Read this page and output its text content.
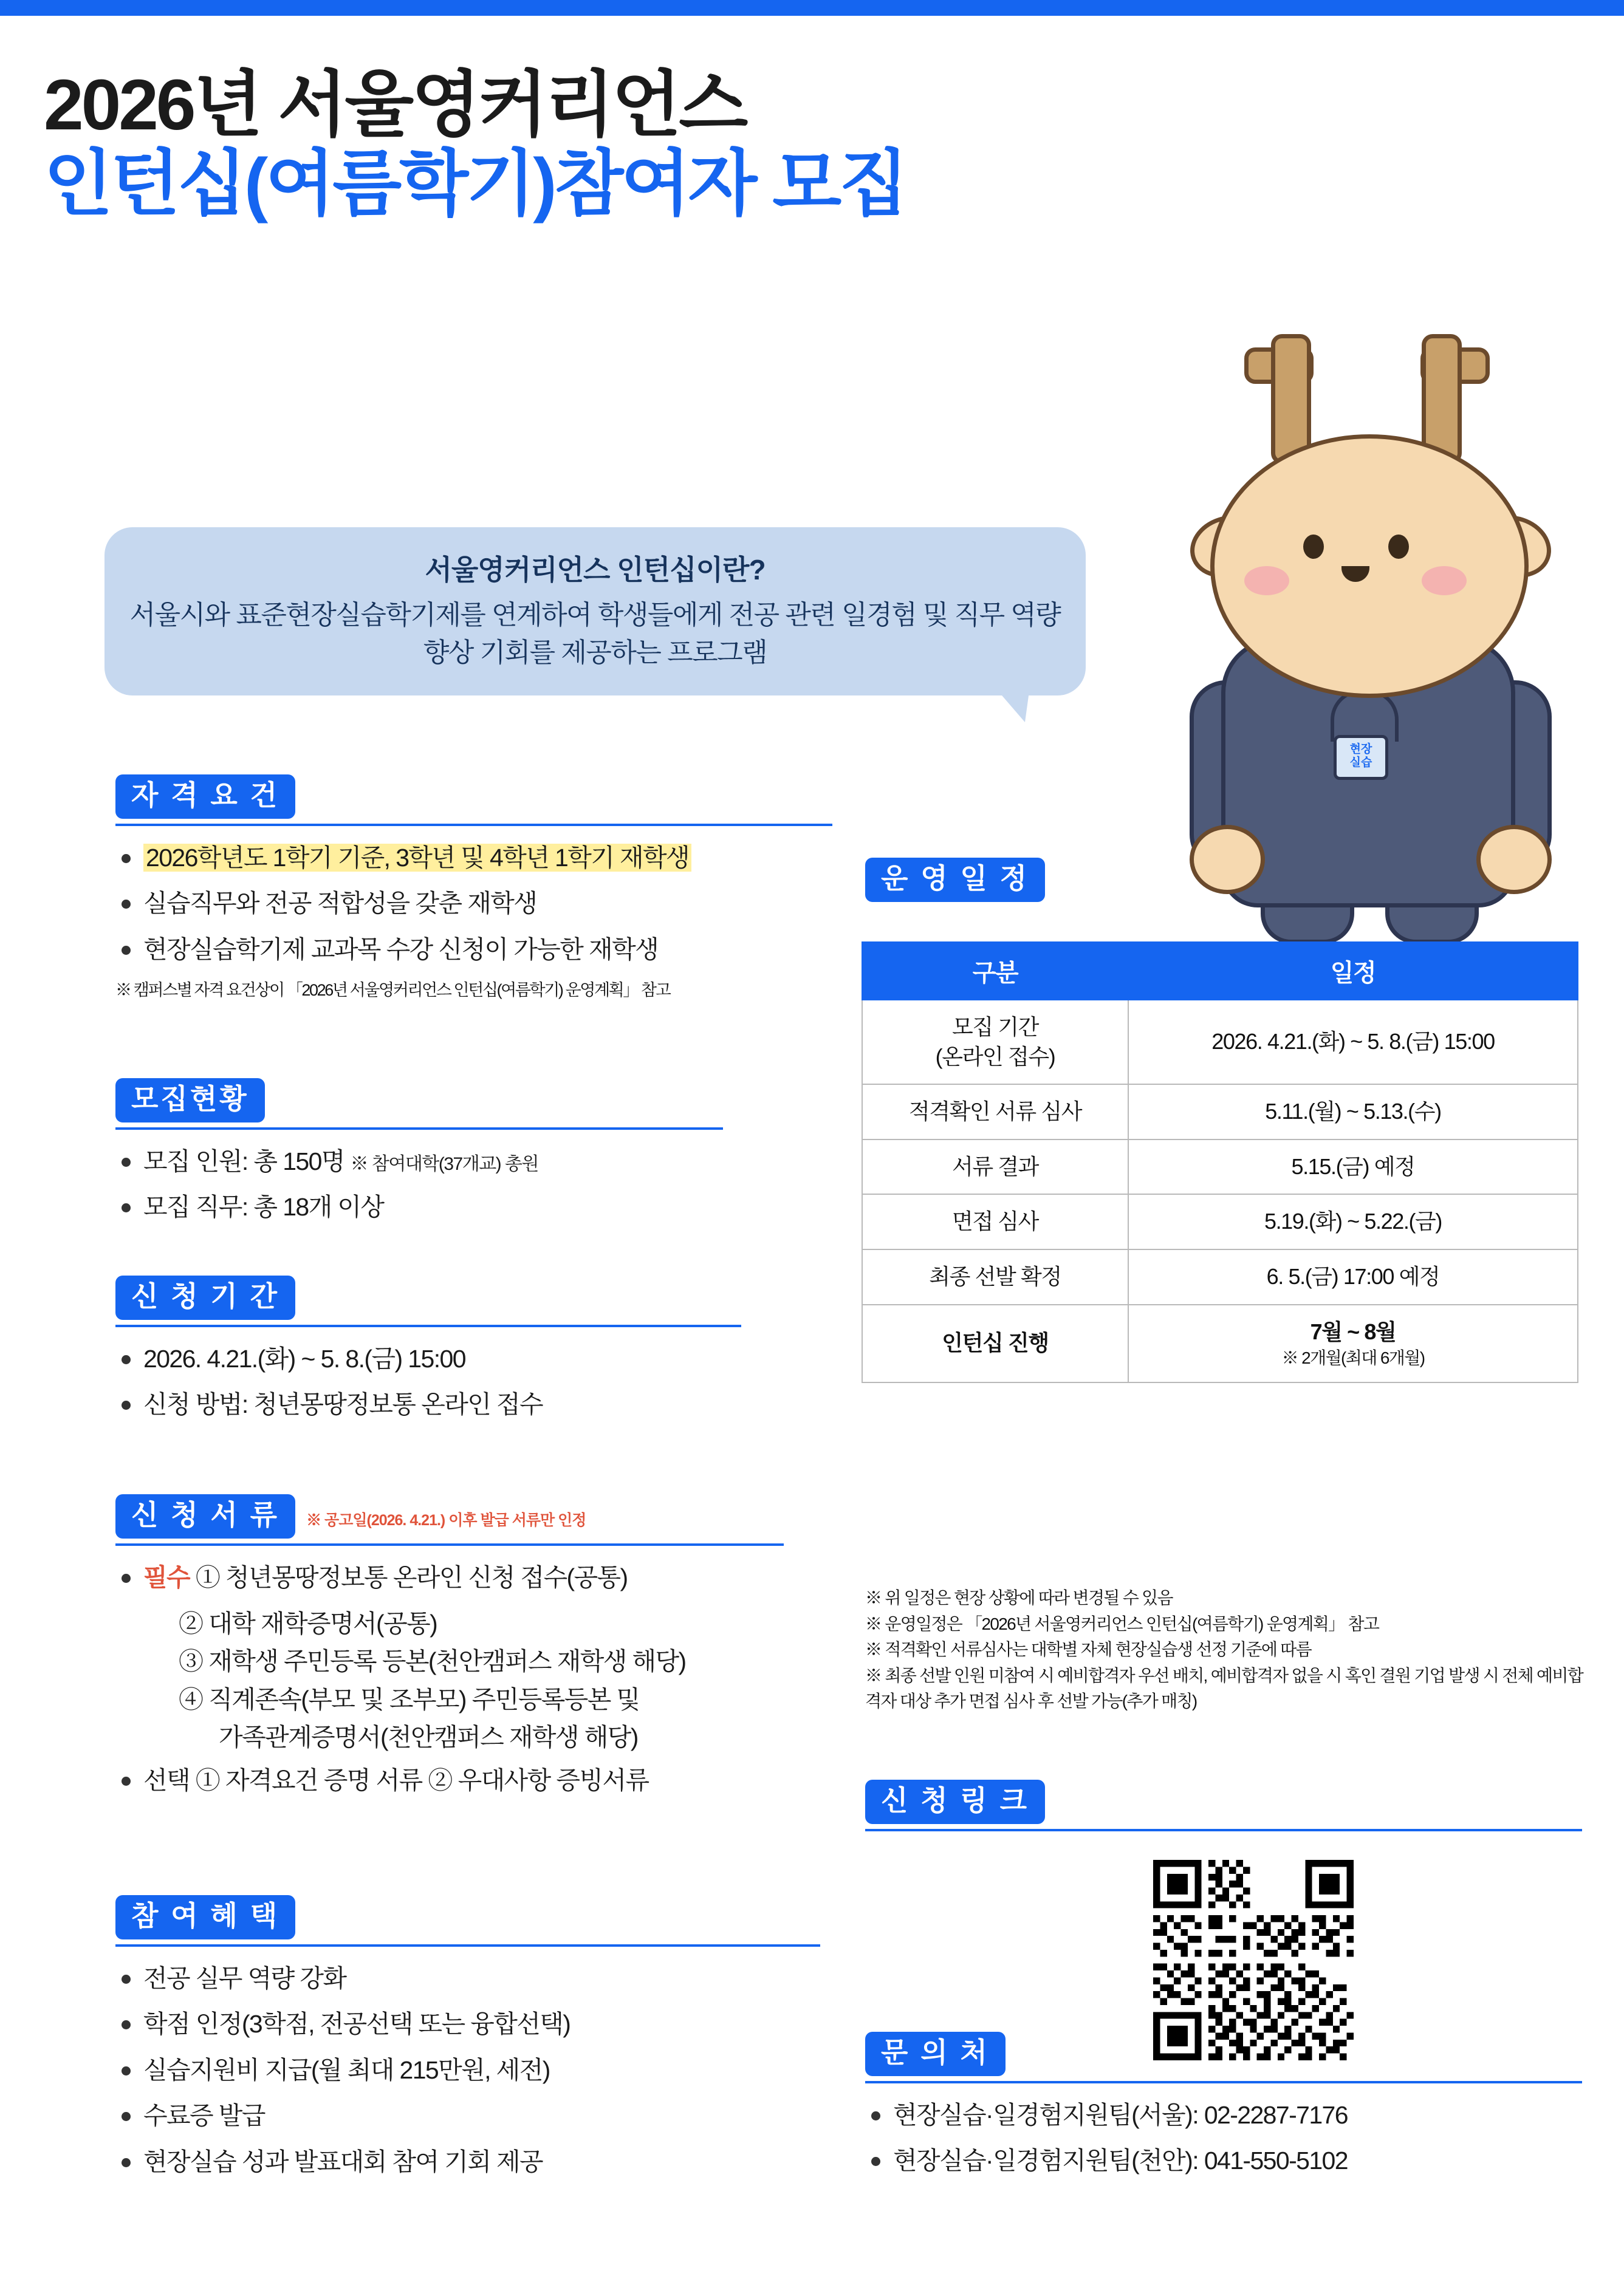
2026년 서울영커리언스
인턴십(여름학기)참여자 모집
현장
실습
서울영커리언스 인턴십이란?
서울시와 표준현장실습학기제를 연계하여 학생들에게 전공 관련 일경험 및 직무 역량 향상 기회를 제공하는 프로그램
자 격 요 건
2026학년도 1학기 기준, 3학년 및 4학년 1학기 재학생
실습직무와 전공 적합성을 갖춘 재학생
현장실습학기제 교과목 수강 신청이 가능한 재학생
※ 캠퍼스별 자격 요건상이 「2026년 서울영커리언스 인턴십(여름학기) 운영계획」 참고
모집현황
모집 인원: 총 150명 ※ 참여대학(37개교) 총원
모집 직무: 총 18개 이상
신 청 기 간
2026. 4.21.(화) ~ 5. 8.(금) 15:00
신청 방법: 청년몽땅정보통 온라인 접수
신 청 서 류	※ 공고일(2026. 4.21.) 이후 발급 서류만 인정
필수 ① 청년몽땅정보통 온라인 신청 접수(공통)
② 대학 재학증명서(공통)
③ 재학생 주민등록 등본(천안캠퍼스 재학생 해당)
④ 직계존속(부모 및 조부모) 주민등록등본 및
가족관계증명서(천안캠퍼스 재학생 해당)
선택 ① 자격요건 증명 서류 ② 우대사항 증빙서류
참 여 혜 택
전공 실무 역량 강화
학점 인정(3학점, 전공선택 또는 융합선택)
실습지원비 지급(월 최대 215만원, 세전)
수료증 발급
현장실습 성과 발표대회 참여 기회 제공
운 영 일 정
구분	일정

모집 기간
(온라인 접수)	2026. 4.21.(화) ~ 5. 8.(금) 15:00
적격확인 서류 심사	5.11.(월) ~ 5.13.(수)
서류 결과	5.15.(금) 예정
면접 심사	5.19.(화) ~ 5.22.(금)
최종 선발 확정	6. 5.(금) 17:00 예정
인턴십 진행	7월 ~ 8월
※ 2개월(최대 6개월)
※ 위 일정은 현장 상황에 따라 변경될 수 있음
※ 운영일정은 「2026년 서울영커리언스 인턴십(여름학기) 운영계획」 참고
※ 적격확인 서류심사는 대학별 자체 현장실습생 선정 기준에 따름
※ 최종 선발 인원 미참여 시 예비합격자 우선 배치, 예비합격자 없을 시 혹인 결원 기업 발생 시 전체 예비합격자 대상 추가 면접 심사 후 선발 가능(추가 매칭)
신 청 링 크
문 의 처
현장실습·일경험지원팀(서울): 02-2287-7176
현장실습·일경험지원팀(천안): 041-550-5102
